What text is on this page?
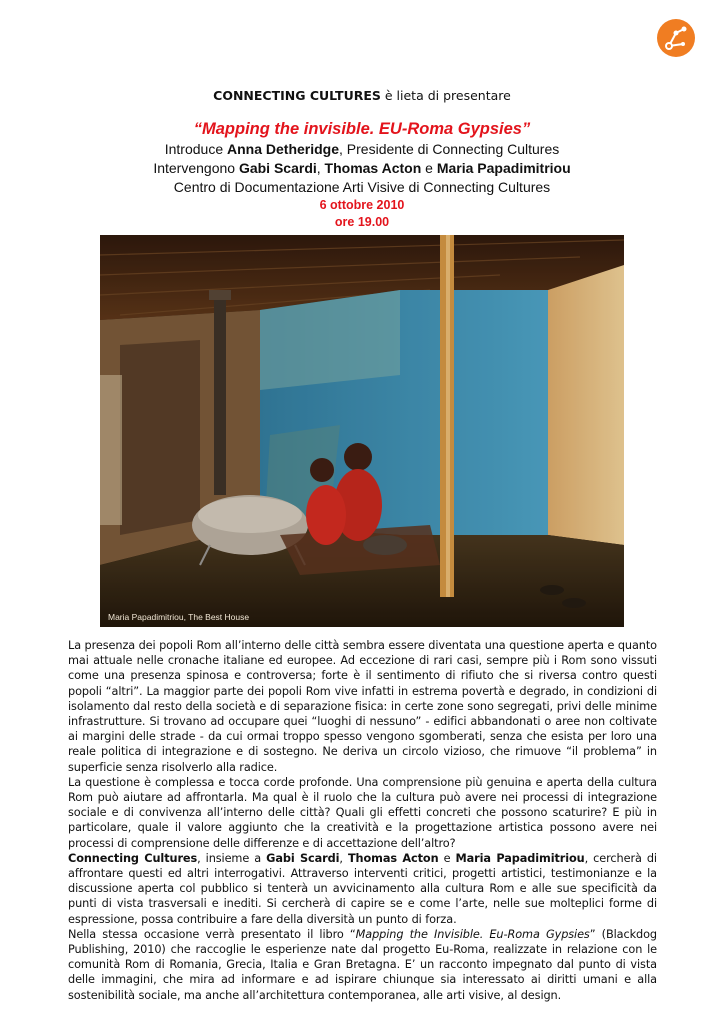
CONNECTING CULTURES è lieta di presentare
“Mapping the invisible. EU-Roma Gypsies”
Introduce Anna Detheridge, Presidente di Connecting Cultures
Intervengono Gabi Scardi, Thomas Acton e Maria Papadimitriou
Centro di Documentazione Arti Visive di Connecting Cultures
6 ottobre 2010
ore 19.00
Maria Papadimitriou, The Best House

La presenza dei popoli Rom all’interno delle città sembra essere diventata una questione aperta e quanto mai attuale nelle cronache italiane ed europee. Ad eccezione di rari casi, sempre più i Rom sono vissuti come una presenza spinosa e controversa; forte è il sentimento di rifiuto che si riversa contro questi popoli “altri”. La maggior parte dei popoli Rom vive infatti in estrema povertà e degrado, in condizioni di isolamento dal resto della società e di separazione fisica: in certe zone sono segregati, privi delle minime infrastrutture. Si trovano ad occupare quei “luoghi di nessuno” - edifici abbandonati o aree non coltivate ai margini delle strade - da cui ormai troppo spesso vengono sgomberati, senza che esista per loro una reale politica di integrazione e di sostegno. Ne deriva un circolo vizioso, che rimuove “il problema” in superficie senza risolverlo alla radice.

La questione è complessa e tocca corde profonde. Una comprensione più genuina e aperta della cultura Rom può aiutare ad affrontarla. Ma qual è il ruolo che la cultura può avere nei processi di integrazione sociale e di convivenza all’interno delle città? Quali gli effetti concreti che possono scaturire? E più in particolare, quale il valore aggiunto che la creatività e la progettazione artistica possono avere nei processi di comprensione delle differenze e di accettazione dell’altro?

Connecting Cultures, insieme a Gabi Scardi, Thomas Acton e Maria Papadimitriou, cercherà di affrontare questi ed altri interrogativi. Attraverso interventi critici, progetti artistici, testimonianze e la discussione aperta col pubblico si tenterà un avvicinamento alla cultura Rom e alle sue specificità da punti di vista trasversali e inediti. Si cercherà di capire se e come l’arte, nelle sue molteplici forme di espressione, possa contribuire a fare della diversità un punto di forza.

Nella stessa occasione verrà presentato il libro “Mapping the Invisible. Eu-Roma Gypsies” (Blackdog Publishing, 2010) che raccoglie le esperienze nate dal progetto Eu-Roma, realizzate in relazione con le comunità Rom di Romania, Grecia, Italia e Gran Bretagna. E’ un racconto impegnato dal punto di vista delle immagini, che mira ad informare e ad ispirare chiunque sia interessato ai diritti umani e alla sostenibilità sociale, ma anche all’architettura contemporanea, alle arti visive, al design.
